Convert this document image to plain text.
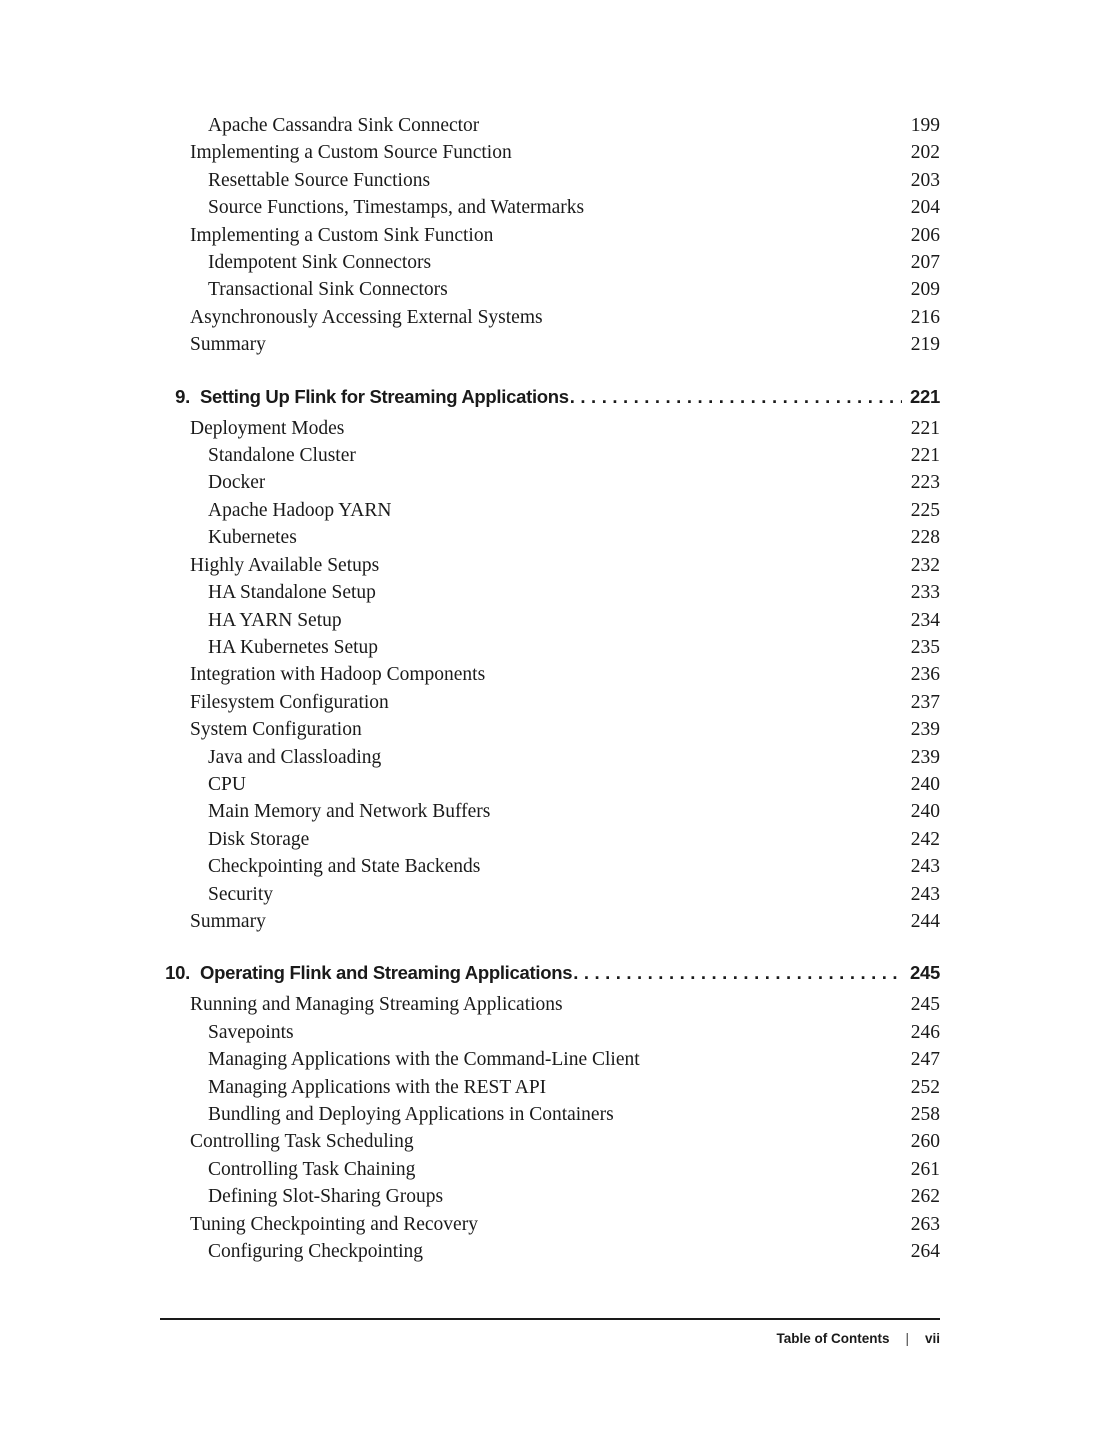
Apache Cassandra Sink Connector	199
Implementing a Custom Source Function	202
Resettable Source Functions	203
Source Functions, Timestamps, and Watermarks	204
Implementing a Custom Sink Function	206
Idempotent Sink Connectors	207
Transactional Sink Connectors	209
Asynchronously Accessing External Systems	216
Summary	219
9. Setting Up Flink for Streaming Applications .....	221
Deployment Modes	221
Standalone Cluster	221
Docker	223
Apache Hadoop YARN	225
Kubernetes	228
Highly Available Setups	232
HA Standalone Setup	233
HA YARN Setup	234
HA Kubernetes Setup	235
Integration with Hadoop Components	236
Filesystem Configuration	237
System Configuration	239
Java and Classloading	239
CPU	240
Main Memory and Network Buffers	240
Disk Storage	242
Checkpointing and State Backends	243
Security	243
Summary	244
10. Operating Flink and Streaming Applications .....	245
Running and Managing Streaming Applications	245
Savepoints	246
Managing Applications with the Command-Line Client	247
Managing Applications with the REST API	252
Bundling and Deploying Applications in Containers	258
Controlling Task Scheduling	260
Controlling Task Chaining	261
Defining Slot-Sharing Groups	262
Tuning Checkpointing and Recovery	263
Configuring Checkpointing	264
Table of Contents | vii
